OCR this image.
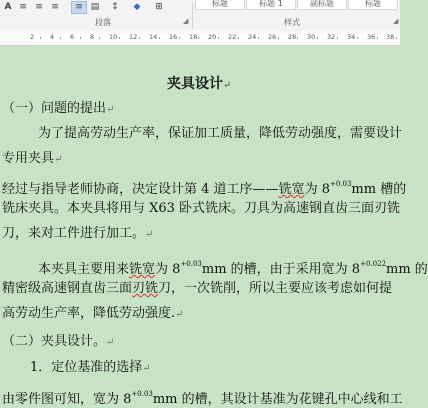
A ≡ ≡ ≡	≡ ▤	↕	◆	⊞
段落	◢
标题	标题 1	副标题	标题
样式	◢
2 4 6 8 10 12 14 16 18 20 22 24 26 28 30 32 34 36 38
夹具设计↵
（一）问题的提出↵
为了提高劳动生产率，保证加工质量，降低劳动强度，需要设计
专用夹具↵
经过与指导老师协商，决定设计第 4 道工序——铣宽为 $8^{+0.03}mm$ 槽的
铣床夹具。本夹具将用与 X63 卧式铣床。刀具为高速钢直齿三面刃铣
刀，来对工件进行加工。↵
本夹具主要用来铣宽为 $8^{+0.03}mm$ 的槽，由于采用宽为 $8^{+0.022}mm$ 的
精密级高速钢直齿三面刃铣刀，一次铣削，所以主要应该考虑如何提
高劳动生产率，降低劳动强度.↵
（二）夹具设计。↵
1．定位基准的选择↵
由零件图可知，宽为 $8^{+0.03}mm$ 的槽，其设计基准为花键孔中心线和工
